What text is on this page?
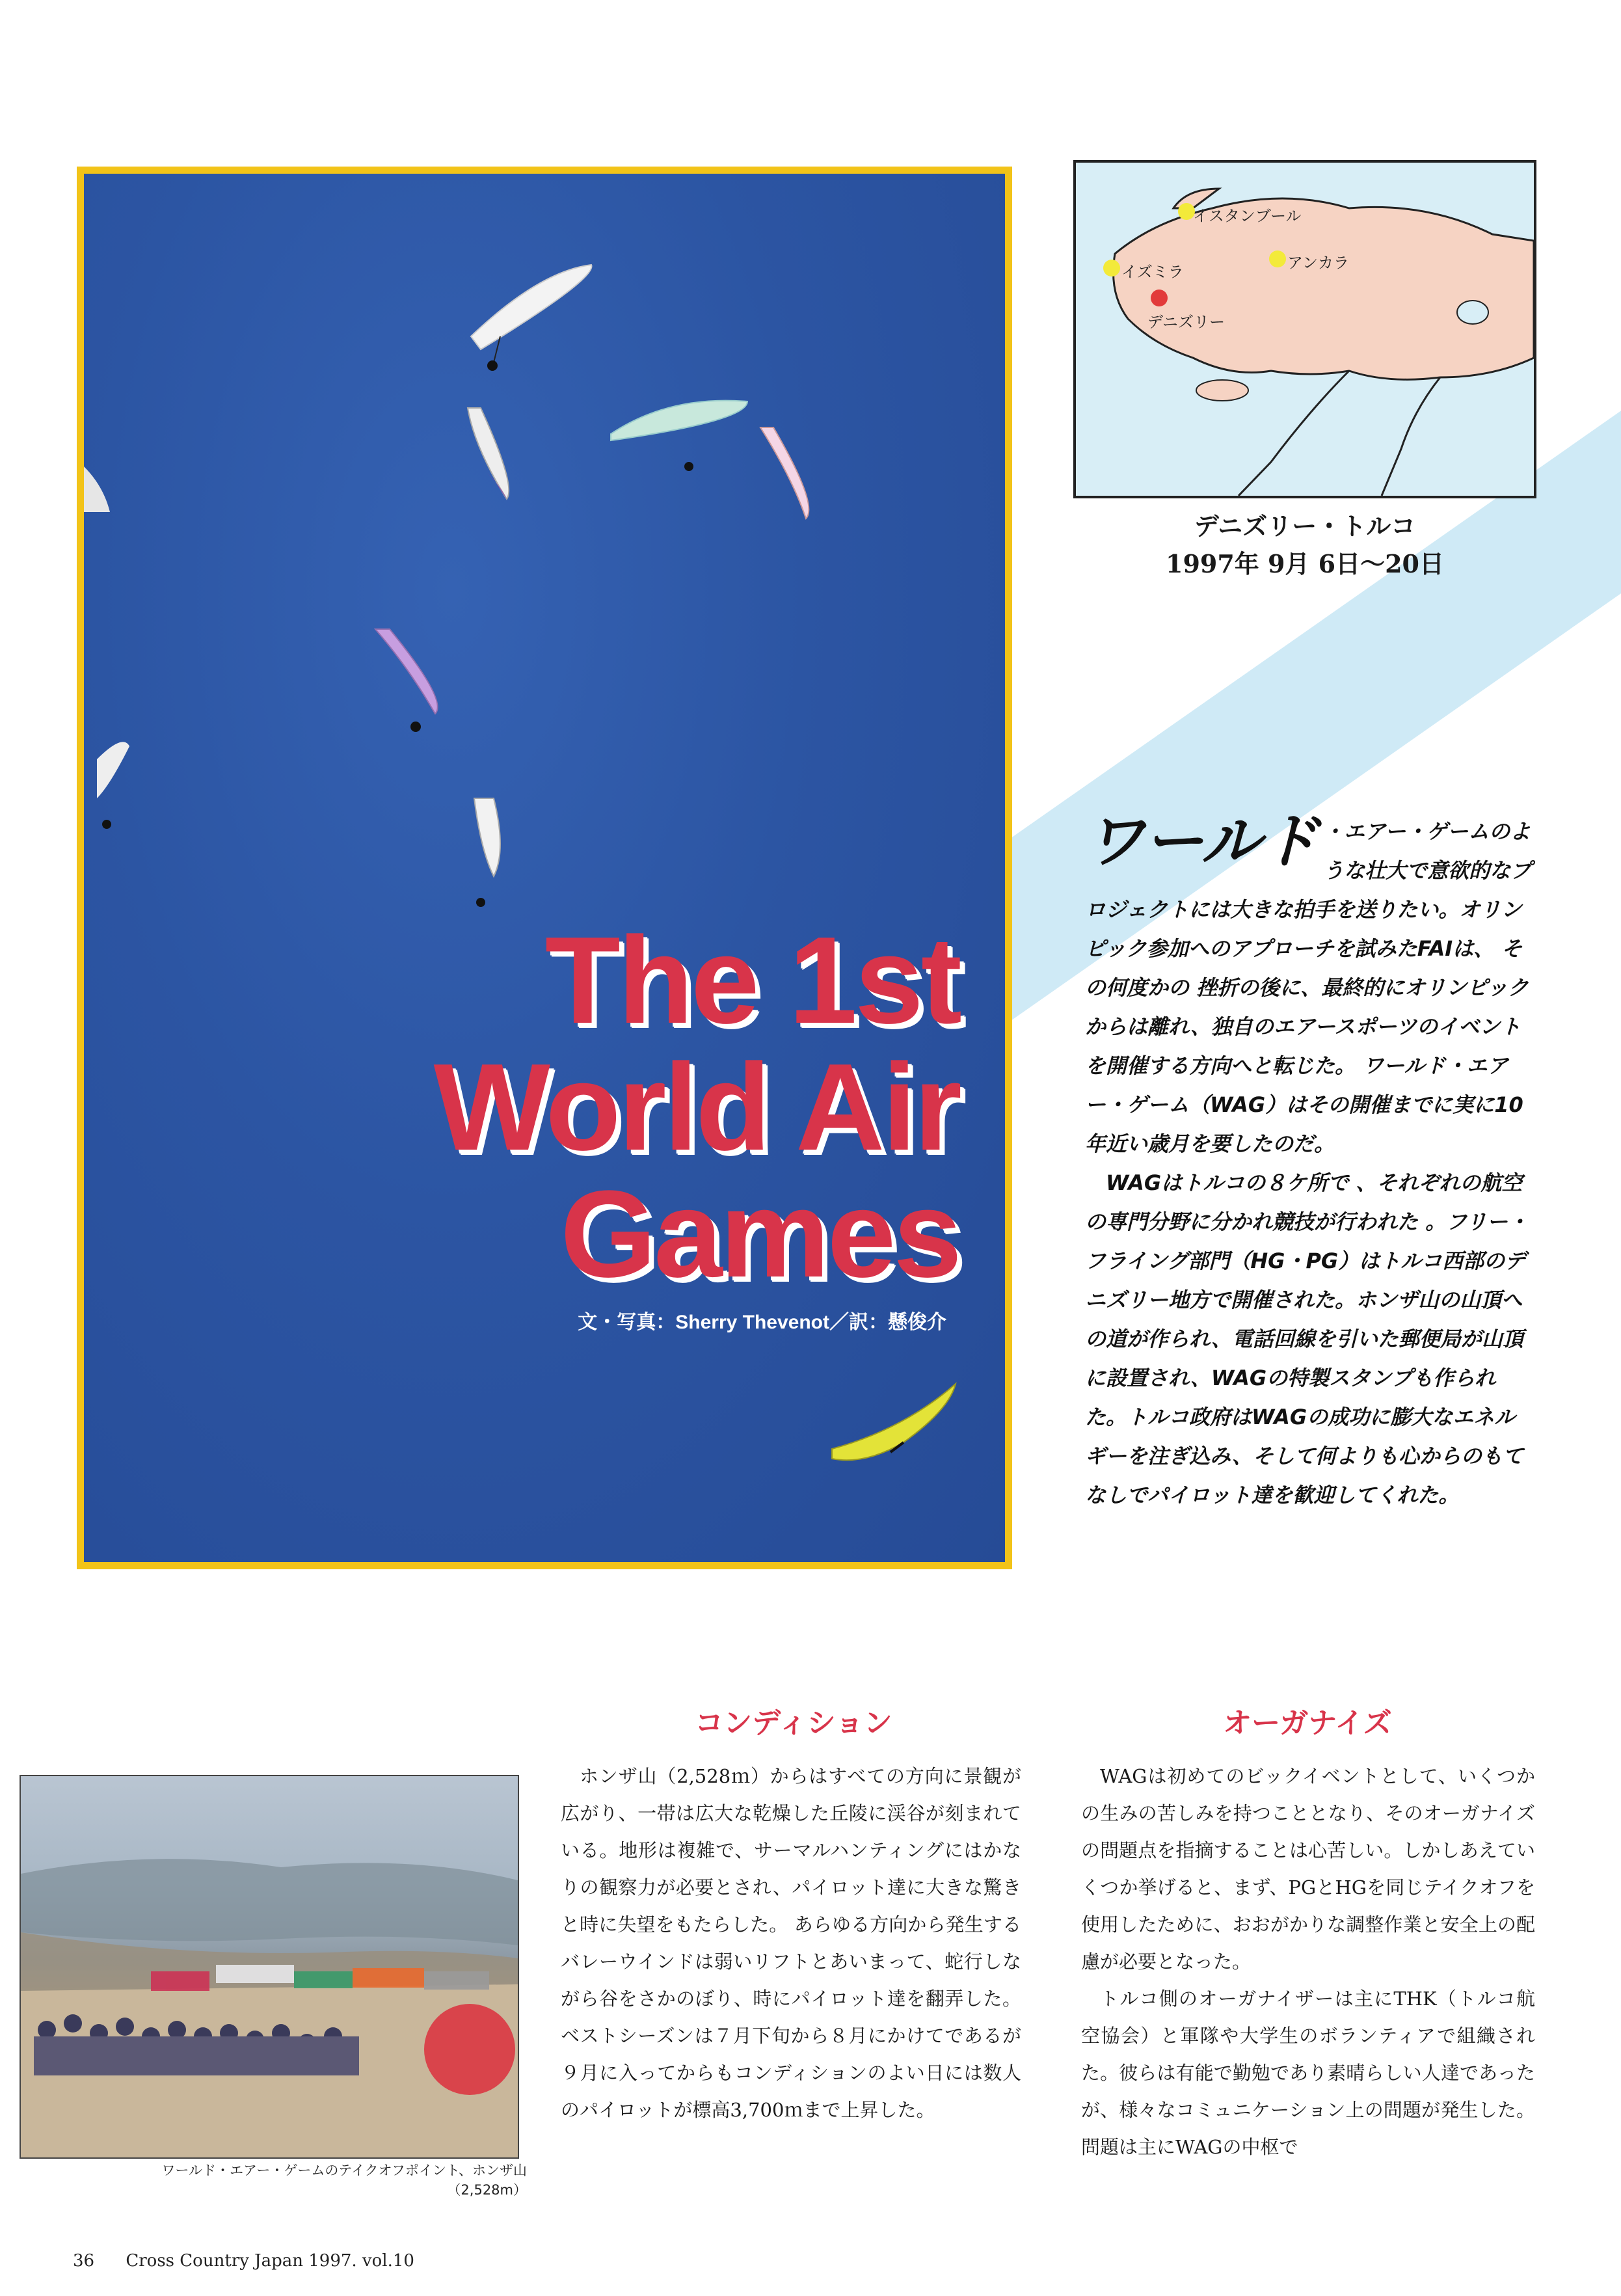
The 1st
World Air
Games
文・写真：Sherry Thevenot／訳：懸俊介
イスタンブール
アンカラ
イズミラ
デニズリー
デニズリー・トルコ
1997年 9月 6日～20日

ワールド ・エアー・ゲームのような壮大で意欲的なプロジェクトには大きな拍手を送りたい。オリンピック参加へのアプローチを試みたFAIは、 その何度かの 挫折の後に、最終的にオリンピックからは離れ、独自のエアースポーツのイベントを開催する方向へと転じた。 ワールド・エアー・ゲーム（WAG）はその開催までに実に10年近い歳月を要したのだ。

WAGはトルコの８ケ所で 、それぞれの航空の専門分野に分かれ競技が行われた 。フリー・フライング部門（HG・PG）はトルコ西部のデニズリー地方で開催された。ホンザ山の山頂への道が作られ、電話回線を引いた郵便局が山頂に設置され、WAGの特製スタンプも作られた。トルコ政府はWAGの成功に膨大なエネルギーを注ぎ込み、そして何よりも心からのもてなしでパイロット達を歓迎してくれた。

コンディション

ホンザ山（2,528ｍ）からはすべての方向に景観が広がり、一帯は広大な乾燥した丘陵に渓谷が刻まれている。地形は複雑で、サーマルハンティングにはかなりの観察力が必要とされ、パイロット達に大きな驚きと時に失望をもたらした。 あらゆる方向から発生するバレーウインドは弱いリフトとあいまって、蛇行しながら谷をさかのぼり、時にパイロット達を翻弄した。ベストシーズンは７月下旬から８月にかけてであるが９月に入ってからもコンディションのよい日には数人のパイロットが標高3,700ｍまで上昇した。

オーガナイズ

WAGは初めてのビックイベントとして、いくつかの生みの苦しみを持つこととなり、そのオーガナイズの問題点を指摘することは心苦しい。しかしあえていくつか挙げると、まず、PGとHGを同じテイクオフを使用したために、おおがかりな調整作業と安全上の配慮が必要となった。

トルコ側のオーガナイザーは主にTHK（トルコ航空協会）と軍隊や大学生のボランティアで組織された。彼らは有能で勤勉であり素晴らしい人達であったが、様々なコミュニケーション上の問題が発生した。問題は主にWAGの中枢で

ワールド・エアー・ゲームのテイクオフポイント、ホンザ山（2,528m）
36 Cross Country Japan 1997. vol.10
